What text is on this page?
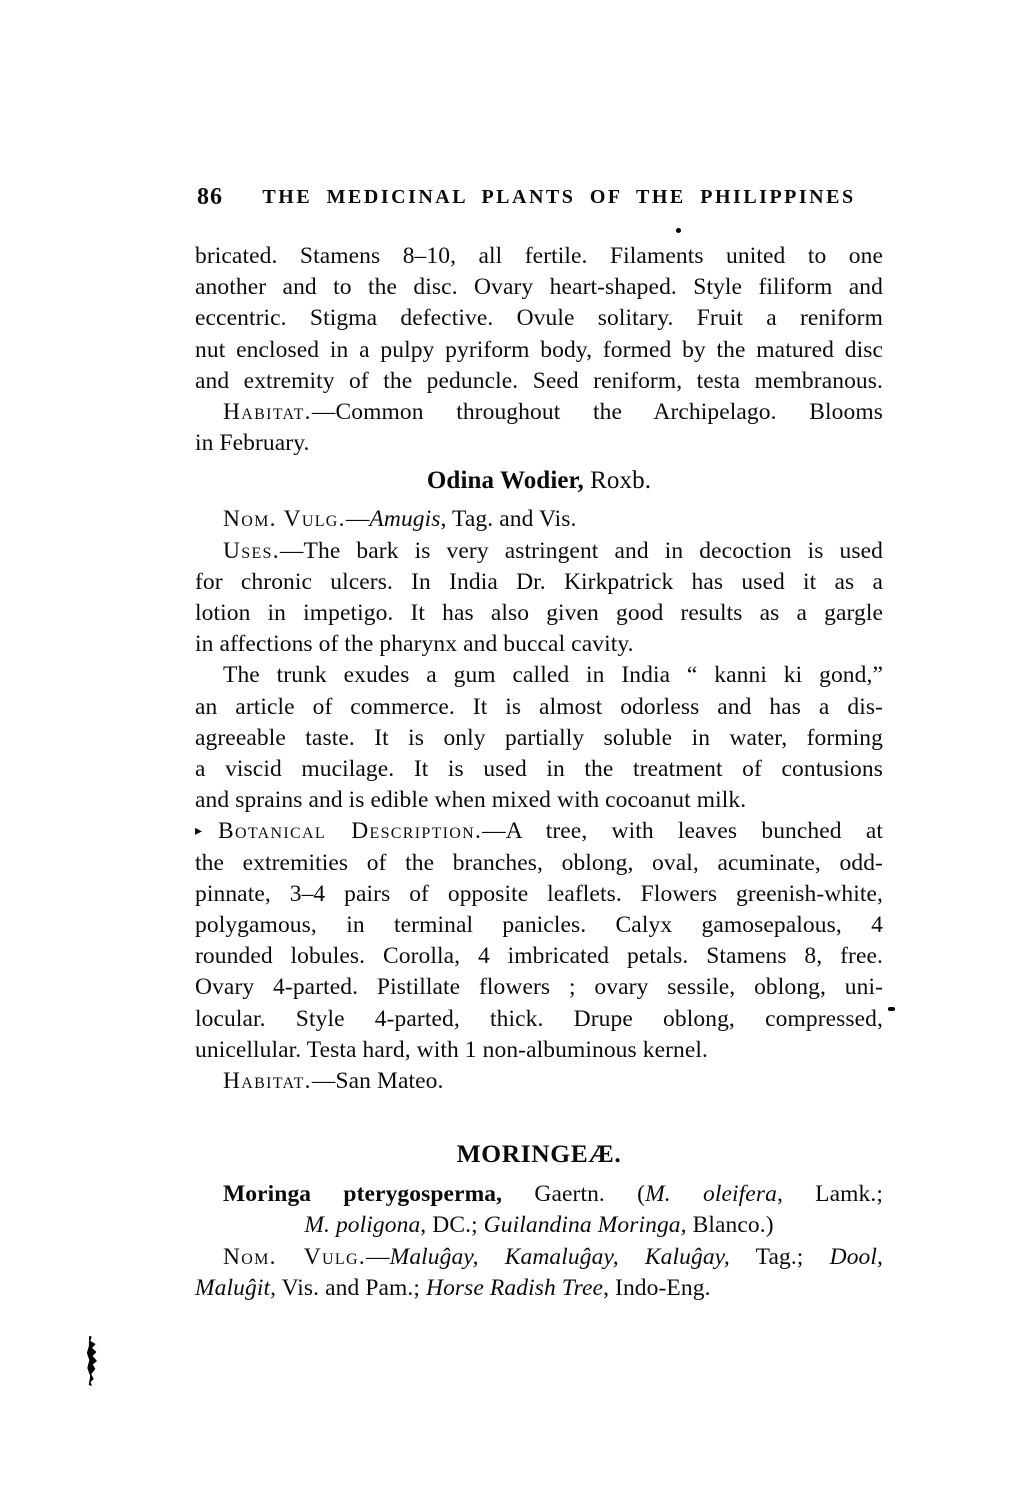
86	THE MEDICINAL PLANTS OF THE PHILIPPINES
bricated. Stamens 8–10, all fertile. Filaments united to one
another and to the disc. Ovary heart-shaped. Style filiform and
eccentric. Stigma defective. Ovule solitary. Fruit a reniform
nut enclosed in a pulpy pyriform body, formed by the matured disc
and extremity of the peduncle. Seed reniform, testa membranous.
Habitat.—Common throughout the Archipelago. Blooms
in February.
Odina Wodier, Roxb.
Nom. Vulg.—Amugis, Tag. and Vis.
Uses.—The bark is very astringent and in decoction is used
for chronic ulcers. In India Dr. Kirkpatrick has used it as a
lotion in impetigo. It has also given good results as a gargle
in affections of the pharynx and buccal cavity.
The trunk exudes a gum called in India “ kanni ki gond,”
an article of commerce. It is almost odorless and has a dis-
agreeable taste. It is only partially soluble in water, forming
a viscid mucilage. It is used in the treatment of contusions
and sprains and is edible when mixed with cocoanut milk.
▸ Botanical Description.—A tree, with leaves bunched at
the extremities of the branches, oblong, oval, acuminate, odd-
pinnate, 3–4 pairs of opposite leaflets. Flowers greenish-white,
polygamous, in terminal panicles. Calyx gamosepalous, 4
rounded lobules. Corolla, 4 imbricated petals. Stamens 8, free.
Ovary 4-parted. Pistillate flowers ; ovary sessile, oblong, uni-
locular. Style 4-parted, thick. Drupe oblong, compressed,
unicellular. Testa hard, with 1 non-albuminous kernel.
Habitat.—San Mateo.
MORINGEÆ.
Moringa pterygosperma, Gaertn. (M. oleifera, Lamk.;
M. poligona, DC.; Guilandina Moringa, Blanco.)
Nom. Vulg.—Maluĝay, Kamaluĝay, Kaluĝay, Tag.; Dool,
Maluĝit, Vis. and Pam.; Horse Radish Tree, Indo-Eng.
